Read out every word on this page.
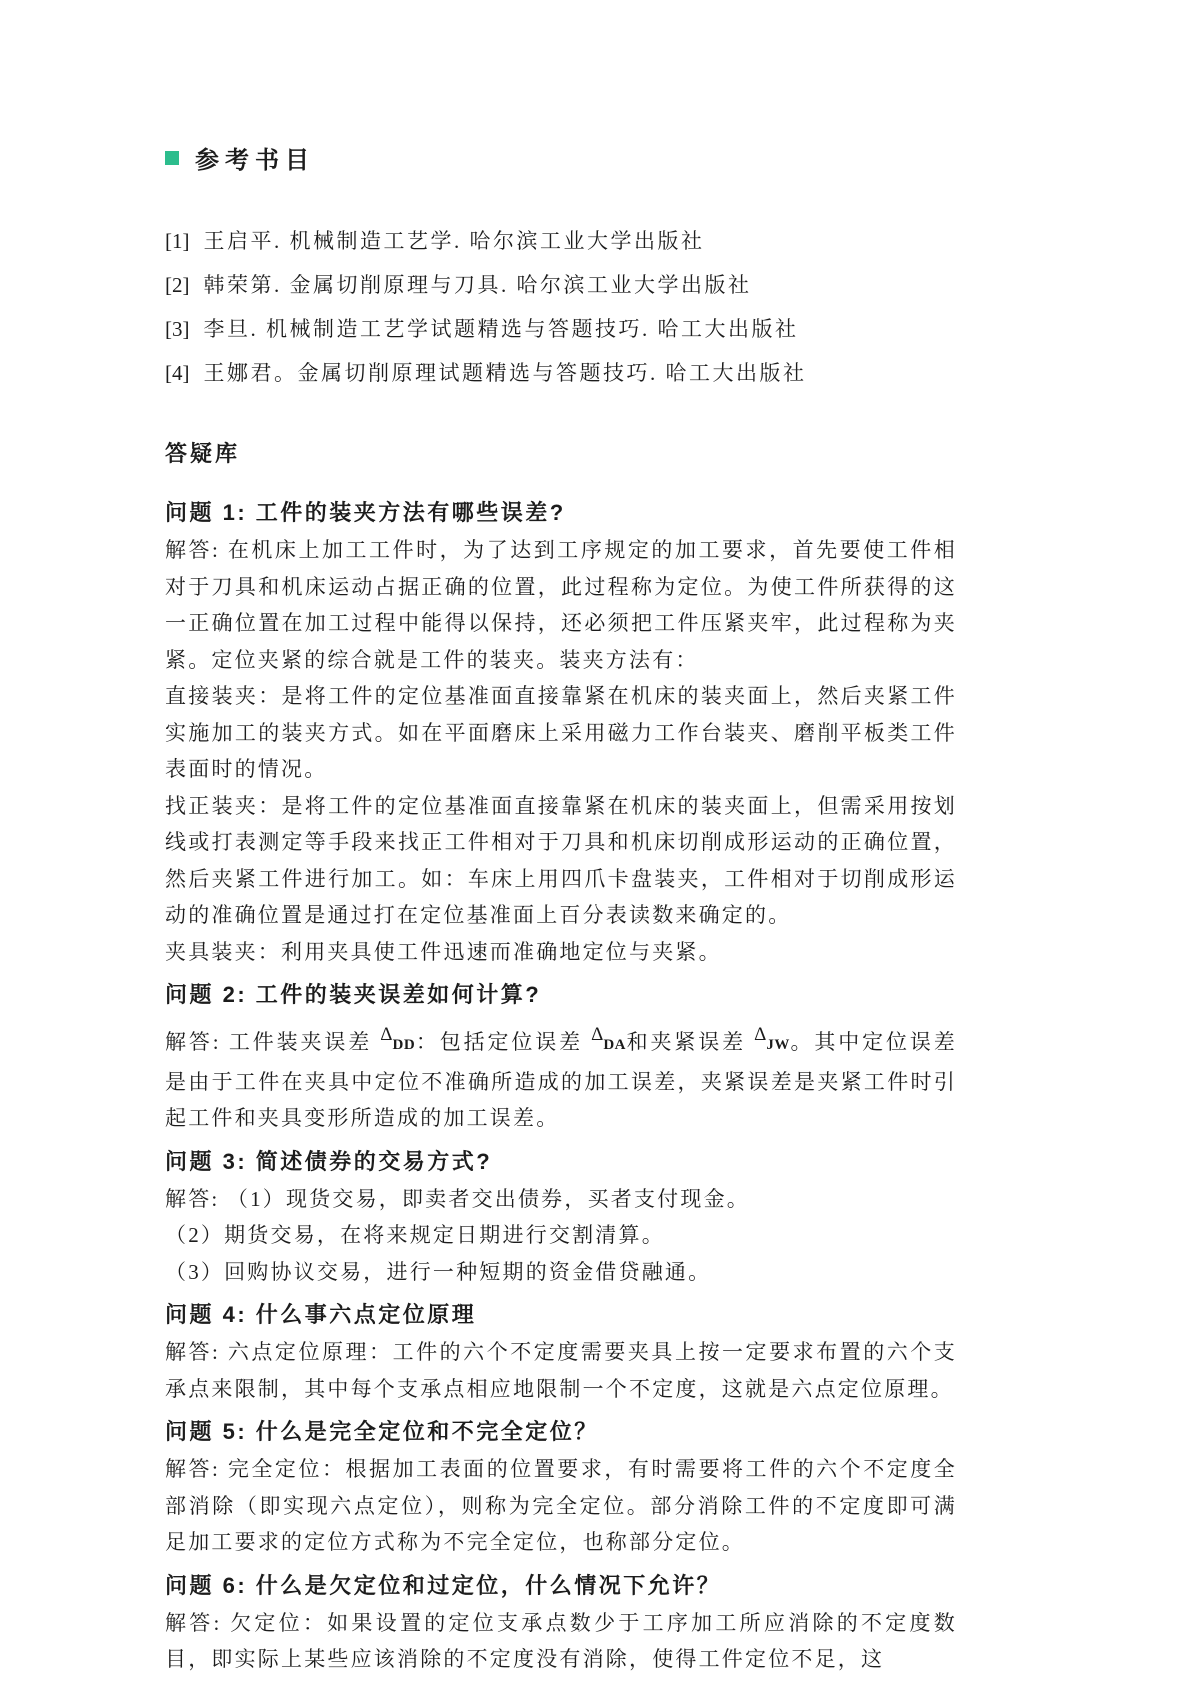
参考书目
[1] 王启平. 机械制造工艺学. 哈尔滨工业大学出版社
[2] 韩荣第. 金属切削原理与刀具. 哈尔滨工业大学出版社
[3] 李旦. 机械制造工艺学试题精选与答题技巧. 哈工大出版社
[4] 王娜君。金属切削原理试题精选与答题技巧. 哈工大出版社
答疑库
问题 1: 工件的装夹方法有哪些误差?

解答: 在机床上加工工件时，为了达到工序规定的加工要求，首先要使工件相对于刀具和机床运动占据正确的位置，此过程称为定位。为使工件所获得的这一正确位置在加工过程中能得以保持，还必须把工件压紧夹牢，此过程称为夹紧。定位夹紧的综合就是工件的装夹。装夹方法有：

直接装夹：是将工件的定位基准面直接靠紧在机床的装夹面上，然后夹紧工件实施加工的装夹方式。如在平面磨床上采用磁力工作台装夹、磨削平板类工件表面时的情况。

找正装夹：是将工件的定位基准面直接靠紧在机床的装夹面上，但需采用按划线或打表测定等手段来找正工件相对于刀具和机床切削成形运动的正确位置，然后夹紧工件进行加工。如：车床上用四爪卡盘装夹，工件相对于切削成形运动的准确位置是通过打在定位基准面上百分表读数来确定的。

夹具装夹：利用夹具使工件迅速而准确地定位与夹紧。

问题 2: 工件的装夹误差如何计算?

解答: 工件装夹误差 ΔDD：包括定位误差 ΔDA和夹紧误差 ΔJW。其中定位误差是由于工件在夹具中定位不准确所造成的加工误差，夹紧误差是夹紧工件时引起工件和夹具变形所造成的加工误差。

问题 3: 简述债券的交易方式?

解答: （1）现货交易，即卖者交出债券，买者支付现金。

（2）期货交易，在将来规定日期进行交割清算。

（3）回购协议交易，进行一种短期的资金借贷融通。

问题 4: 什么事六点定位原理

解答: 六点定位原理：工件的六个不定度需要夹具上按一定要求布置的六个支承点来限制，其中每个支承点相应地限制一个不定度，这就是六点定位原理。

问题 5: 什么是完全定位和不完全定位？

解答: 完全定位：根据加工表面的位置要求，有时需要将工件的六个不定度全部消除（即实现六点定位），则称为完全定位。部分消除工件的不定度即可满足加工要求的定位方式称为不完全定位，也称部分定位。

问题 6: 什么是欠定位和过定位，什么情况下允许？

解答: 欠定位：如果设置的定位支承点数少于工序加工所应消除的不定度数目，即实际上某些应该消除的不定度没有消除，使得工件定位不足，这
